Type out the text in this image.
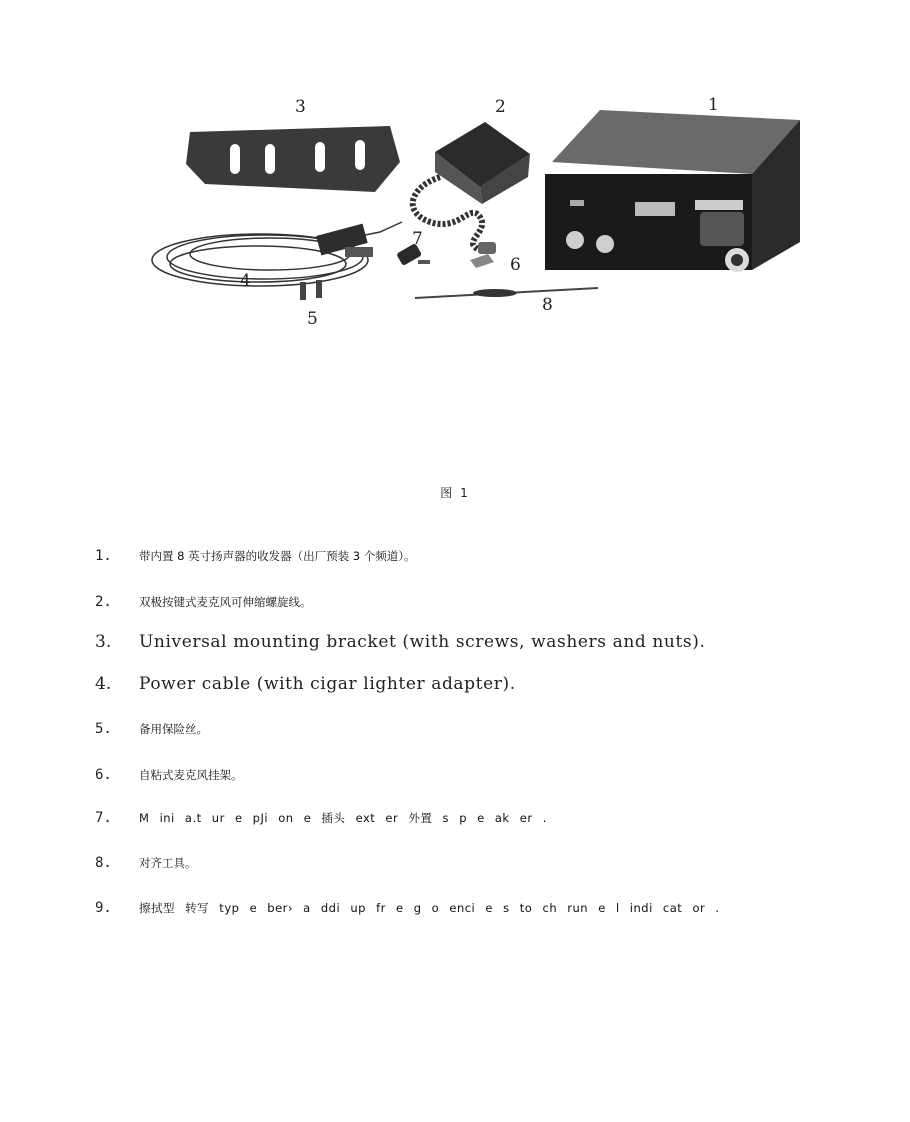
1
2
3
4
5
6
7
8
图 1
1.	带内置 8 英寸扬声器的收发器（出厂预装 3 个频道）。
2.	双极按键式麦克风可伸缩螺旋线。
3.	Universal mounting bracket (with screws, washers and nuts).
4.	Power cable (with cigar lighter adapter).
5.	备用保险丝。
6.	自粘式麦克风挂架。
7.	M ini a.t ur e pJi on e 插头 ext er 外置 s p e ak er .
8.	对齐工具。
9.	擦拭型 转写 typ e ber› a ddi up fr e g o enci e s to ch run e l indi cat or .
